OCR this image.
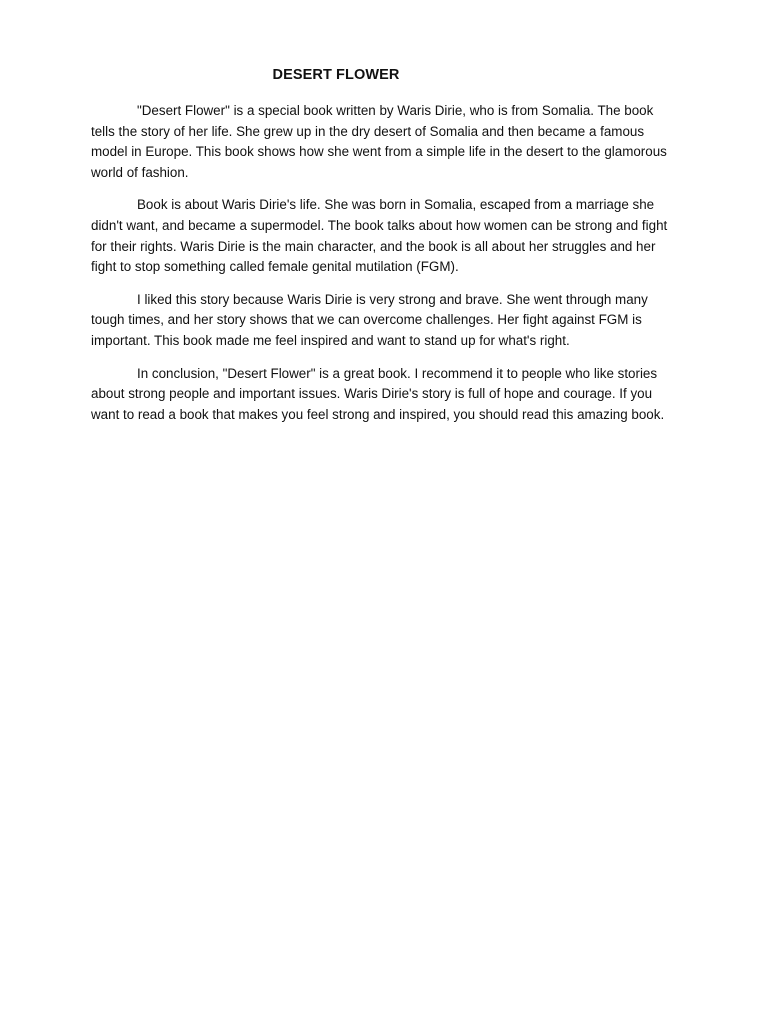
DESERT FLOWER

"Desert Flower" is a special book written by Waris Dirie, who is from Somalia. The book tells the story of her life. She grew up in the dry desert of Somalia and then became a famous model in Europe. This book shows how she went from a simple life in the desert to the glamorous world of fashion.

Book is about Waris Dirie's life. She was born in Somalia, escaped from a marriage she didn't want, and became a supermodel. The book talks about how women can be strong and fight for their rights. Waris Dirie is the main character, and the book is all about her struggles and her fight to stop something called female genital mutilation (FGM).

I liked this story because Waris Dirie is very strong and brave. She went through many tough times, and her story shows that we can overcome challenges. Her fight against FGM is important. This book made me feel inspired and want to stand up for what's right.

In conclusion, "Desert Flower" is a great book. I recommend it to people who like stories about strong people and important issues. Waris Dirie's story is full of hope and courage. If you want to read a book that makes you feel strong and inspired, you should read this amazing book.
